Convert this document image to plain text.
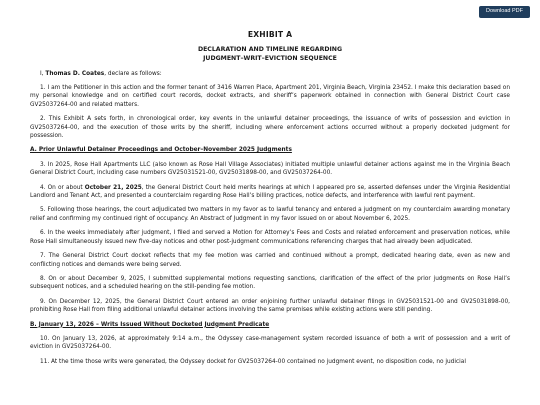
Download PDF
EXHIBIT A
DECLARATION AND TIMELINE REGARDING
JUDGMENT–WRIT–EVICTION SEQUENCE
I, Thomas D. Coates, declare as follows:

1. I am the Petitioner in this action and the former tenant of 3416 Warren Place, Apartment 201, Virginia Beach, Virginia 23452. I make this declaration based on my personal knowledge and on certified court records, docket extracts, and sheriff’s paperwork obtained in connection with General District Court case GV25037264-00 and related matters.

2. This Exhibit A sets forth, in chronological order, key events in the unlawful detainer proceedings, the issuance of writs of possession and eviction in GV25037264-00, and the execution of those writs by the sheriff, including where enforcement actions occurred without a properly docketed judgment for possession.

A. Prior Unlawful Detainer Proceedings and October–November 2025 Judgments

3. In 2025, Rose Hall Apartments LLC (also known as Rose Hall Village Associates) initiated multiple unlawful detainer actions against me in the Virginia Beach General District Court, including case numbers GV25031521-00, GV25031898-00, and GV25037264-00.

4. On or about October 21, 2025, the General District Court held merits hearings at which I appeared pro se, asserted defenses under the Virginia Residential Landlord and Tenant Act, and presented a counterclaim regarding Rose Hall’s billing practices, notice defects, and interference with lawful rent payment.

5. Following those hearings, the court adjudicated two matters in my favor as to lawful tenancy and entered a judgment on my counterclaim awarding monetary relief and confirming my continued right of occupancy. An Abstract of Judgment in my favor issued on or about November 6, 2025.

6. In the weeks immediately after judgment, I filed and served a Motion for Attorney’s Fees and Costs and related enforcement and preservation notices, while Rose Hall simultaneously issued new five-day notices and other post-judgment communications referencing charges that had already been adjudicated.

7. The General District Court docket reflects that my fee motion was carried and continued without a prompt, dedicated hearing date, even as new and conflicting notices and demands were being served.

8. On or about December 9, 2025, I submitted supplemental motions requesting sanctions, clarification of the effect of the prior judgments on Rose Hall’s subsequent notices, and a scheduled hearing on the still-pending fee motion.

9. On December 12, 2025, the General District Court entered an order enjoining further unlawful detainer filings in GV25031521-00 and GV25031898-00, prohibiting Rose Hall from filing additional unlawful detainer actions involving the same premises while existing actions were still pending.

B. January 13, 2026 – Writs Issued Without Docketed Judgment Predicate

10. On January 13, 2026, at approximately 9:14 a.m., the Odyssey case-management system recorded issuance of both a writ of possession and a writ of eviction in GV25037264-00.

11. At the time those writs were generated, the Odyssey docket for GV25037264-00 contained no judgment event, no disposition code, no judicial
